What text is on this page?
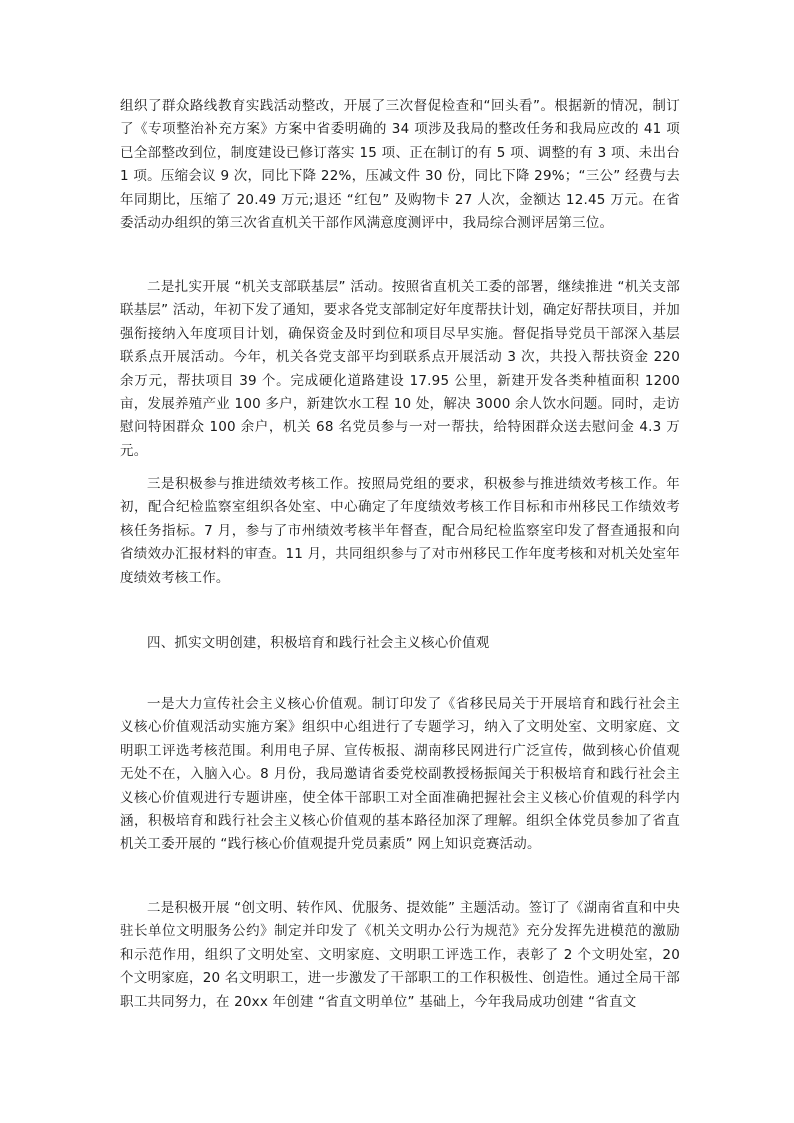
组织了群众路线教育实践活动整改，开展了三次督促检查和“回头看”。根据新的情况，制订了《专项整治补充方案》方案中省委明确的 34 项涉及我局的整改任务和我局应改的 41 项已全部整改到位，制度建设已修订落实 15 项、正在制订的有 5 项、调整的有 3 项、未出台 1 项。压缩会议 9 次，同比下降 22%，压减文件 30 份，同比下降 29%；“三公” 经费与去年同期比，压缩了 20.49 万元;退还 “红包” 及购物卡 27 人次，金额达 12.45 万元。在省委活动办组织的第三次省直机关干部作风满意度测评中，我局综合测评居第三位。

二是扎实开展 “机关支部联基层” 活动。按照省直机关工委的部署，继续推进 “机关支部联基层” 活动，年初下发了通知，要求各党支部制定好年度帮扶计划，确定好帮扶项目，并加强衔接纳入年度项目计划，确保资金及时到位和项目尽早实施。督促指导党员干部深入基层联系点开展活动。今年，机关各党支部平均到联系点开展活动 3 次，共投入帮扶资金 220 余万元，帮扶项目 39 个。完成硬化道路建设 17.95 公里，新建开发各类种植面积 1200 亩，发展养殖产业 100 多户，新建饮水工程 10 处，解决 3000 余人饮水问题。同时，走访慰问特困群众 100 余户，机关 68 名党员参与一对一帮扶，给特困群众送去慰问金 4.3 万元。

三是积极参与推进绩效考核工作。按照局党组的要求，积极参与推进绩效考核工作。年初，配合纪检监察室组织各处室、中心确定了年度绩效考核工作目标和市州移民工作绩效考核任务指标。7 月，参与了市州绩效考核半年督查，配合局纪检监察室印发了督查通报和向省绩效办汇报材料的审查。11 月，共同组织参与了对市州移民工作年度考核和对机关处室年度绩效考核工作。

四、抓实文明创建，积极培育和践行社会主义核心价值观

一是大力宣传社会主义核心价值观。制订印发了《省移民局关于开展培育和践行社会主义核心价值观活动实施方案》组织中心组进行了专题学习，纳入了文明处室、文明家庭、文明职工评选考核范围。利用电子屏、宣传板报、湖南移民网进行广泛宣传，做到核心价值观无处不在，入脑入心。8 月份，我局邀请省委党校副教授杨振闻关于积极培育和践行社会主义核心价值观进行专题讲座，使全体干部职工对全面准确把握社会主义核心价值观的科学内涵，积极培育和践行社会主义核心价值观的基本路径加深了理解。组织全体党员参加了省直机关工委开展的 “践行核心价值观提升党员素质” 网上知识竞赛活动。

二是积极开展 “创文明、转作风、优服务、提效能” 主题活动。签订了《湖南省直和中央驻长单位文明服务公约》制定并印发了《机关文明办公行为规范》充分发挥先进模范的激励和示范作用，组织了文明处室、文明家庭、文明职工评选工作，表彰了 2 个文明处室，20 个文明家庭，20 名文明职工，进一步激发了干部职工的工作积极性、创造性。通过全局干部职工共同努力，在 20xx 年创建 “省直文明单位” 基础上，今年我局成功创建 “省直文
